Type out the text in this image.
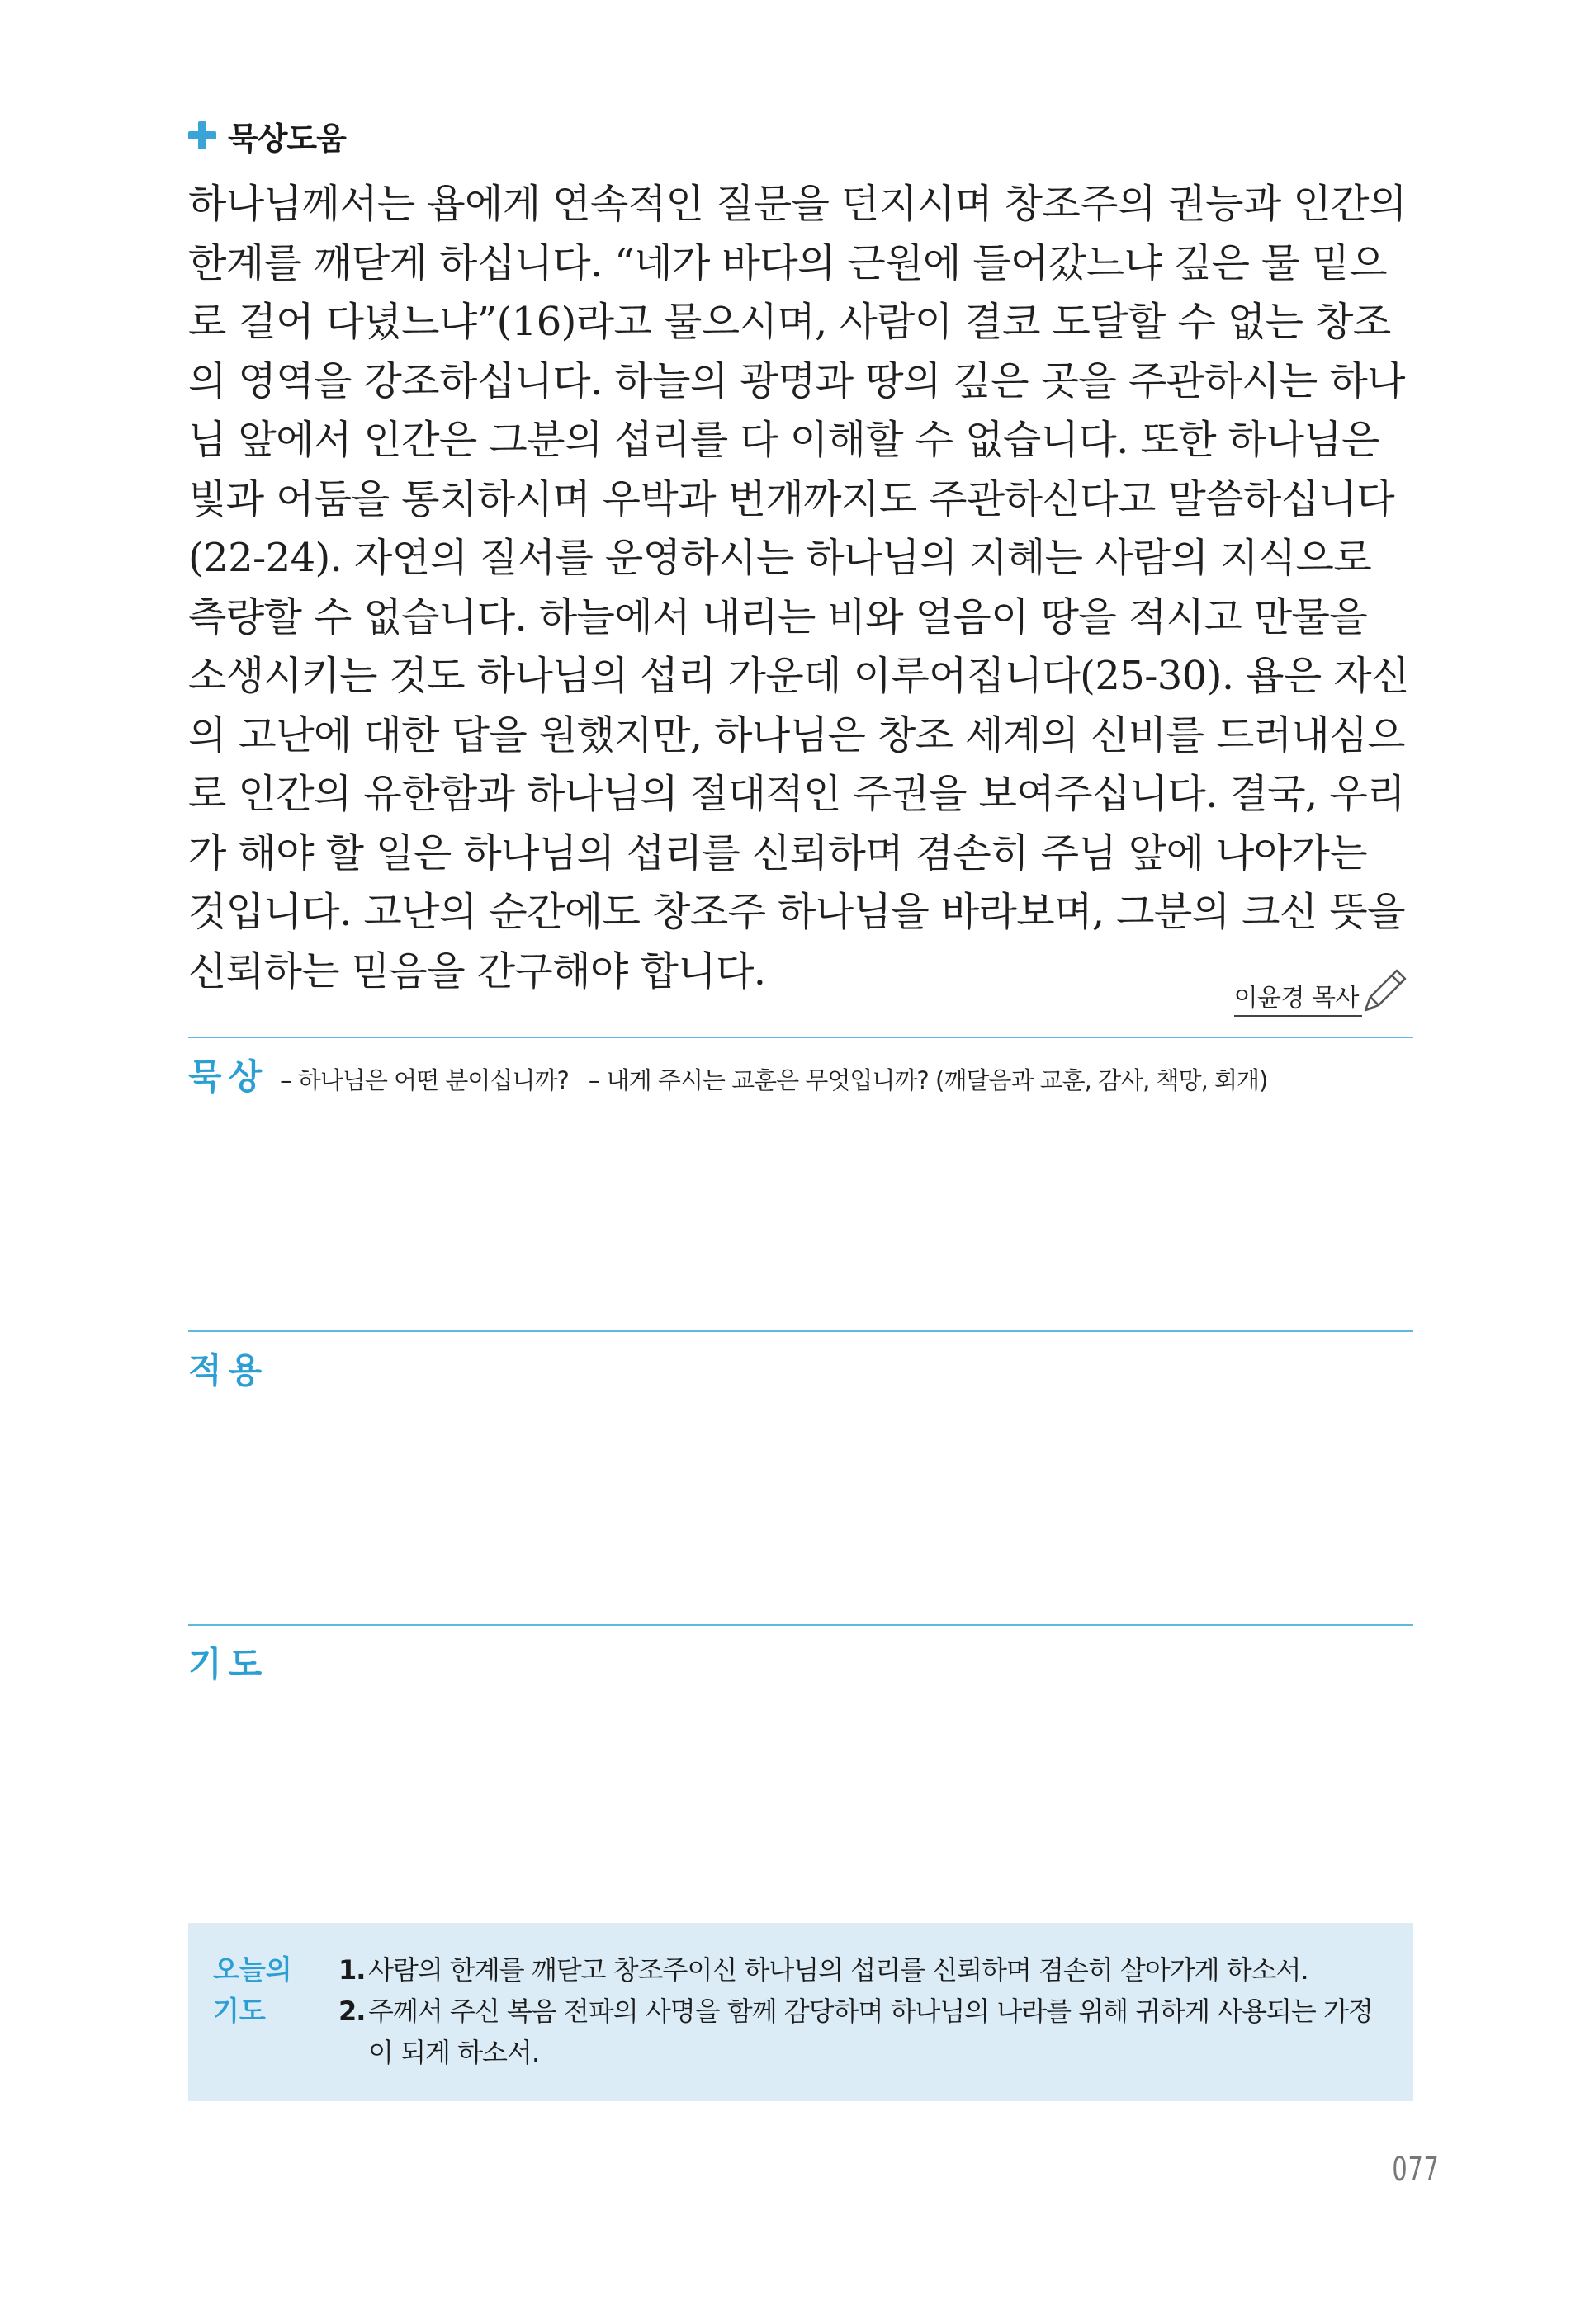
묵상도움
하나님께서는 욥에게 연속적인 질문을 던지시며 창조주의 권능과 인간의 한계를 깨닫게 하십니다. “네가 바다의 근원에 들어갔느냐 깊은 물 밑으로 걸어 다녔느냐”(16)라고 물으시며, 사람이 결코 도달할 수 없는 창조의 영역을 강조하십니다. 하늘의 광명과 땅의 깊은 곳을 주관하시는 하나님 앞에서 인간은 그분의 섭리를 다 이해할 수 없습니다. 또한 하나님은 빛과 어둠을 통치하시며 우박과 번개까지도 주관하신다고 말씀하십니다(22-24). 자연의 질서를 운영하시는 하나님의 지혜는 사람의 지식으로 측량할 수 없습니다. 하늘에서 내리는 비와 얼음이 땅을 적시고 만물을 소생시키는 것도 하나님의 섭리 가운데 이루어집니다(25-30). 욥은 자신의 고난에 대한 답을 원했지만, 하나님은 창조 세계의 신비를 드러내심으로 인간의 유한함과 하나님의 절대적인 주권을 보여주십니다. 결국, 우리가 해야 할 일은 하나님의 섭리를 신뢰하며 겸손히 주님 앞에 나아가는 것입니다. 고난의 순간에도 창조주 하나님을 바라보며, 그분의 크신 뜻을 신뢰하는 믿음을 간구해야 합니다.
이윤경 목사
묵상 – 하나님은 어떤 분이십니까? – 내게 주시는 교훈은 무엇입니까? (깨달음과 교훈, 감사, 책망, 회개)
적용
기도
오늘의
기도
1. 사람의 한계를 깨닫고 창조주이신 하나님의 섭리를 신뢰하며 겸손히 살아가게 하소서.
2. 주께서 주신 복음 전파의 사명을 함께 감당하며 하나님의 나라를 위해 귀하게 사용되는 가정이 되게 하소서.
077
